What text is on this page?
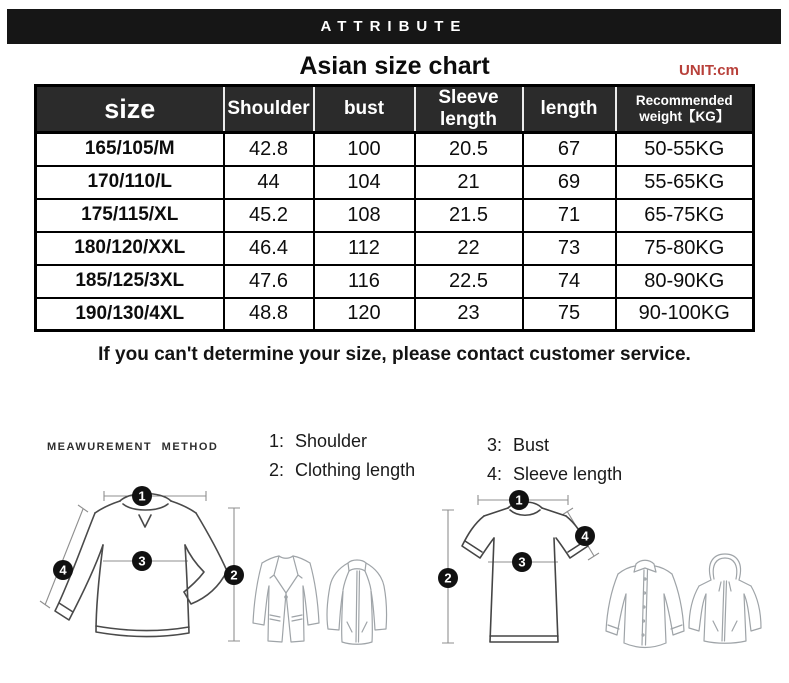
ATTRIBUTE
Asian size chart	UNIT:cm
size	Shoulder	bust	Sleeve length	length	Recommended weight【KG】
165/105/M	42.8	100	20.5	67	50-55KG
170/110/L	44	104	21	69	55-65KG
175/115/XL	45.2	108	21.5	71	65-75KG
180/120/XXL	46.4	112	22	73	75-80KG
185/125/3XL	47.6	116	22.5	74	80-90KG
190/130/4XL	48.8	120	23	75	90-100KG
If you can't determine your size, please contact customer service.
MEAWUREMENT METHOD	1: Shoulder
2: Clothing length
3: Bust
4: Sleeve length
1
3
2
4
1
2
3
4
